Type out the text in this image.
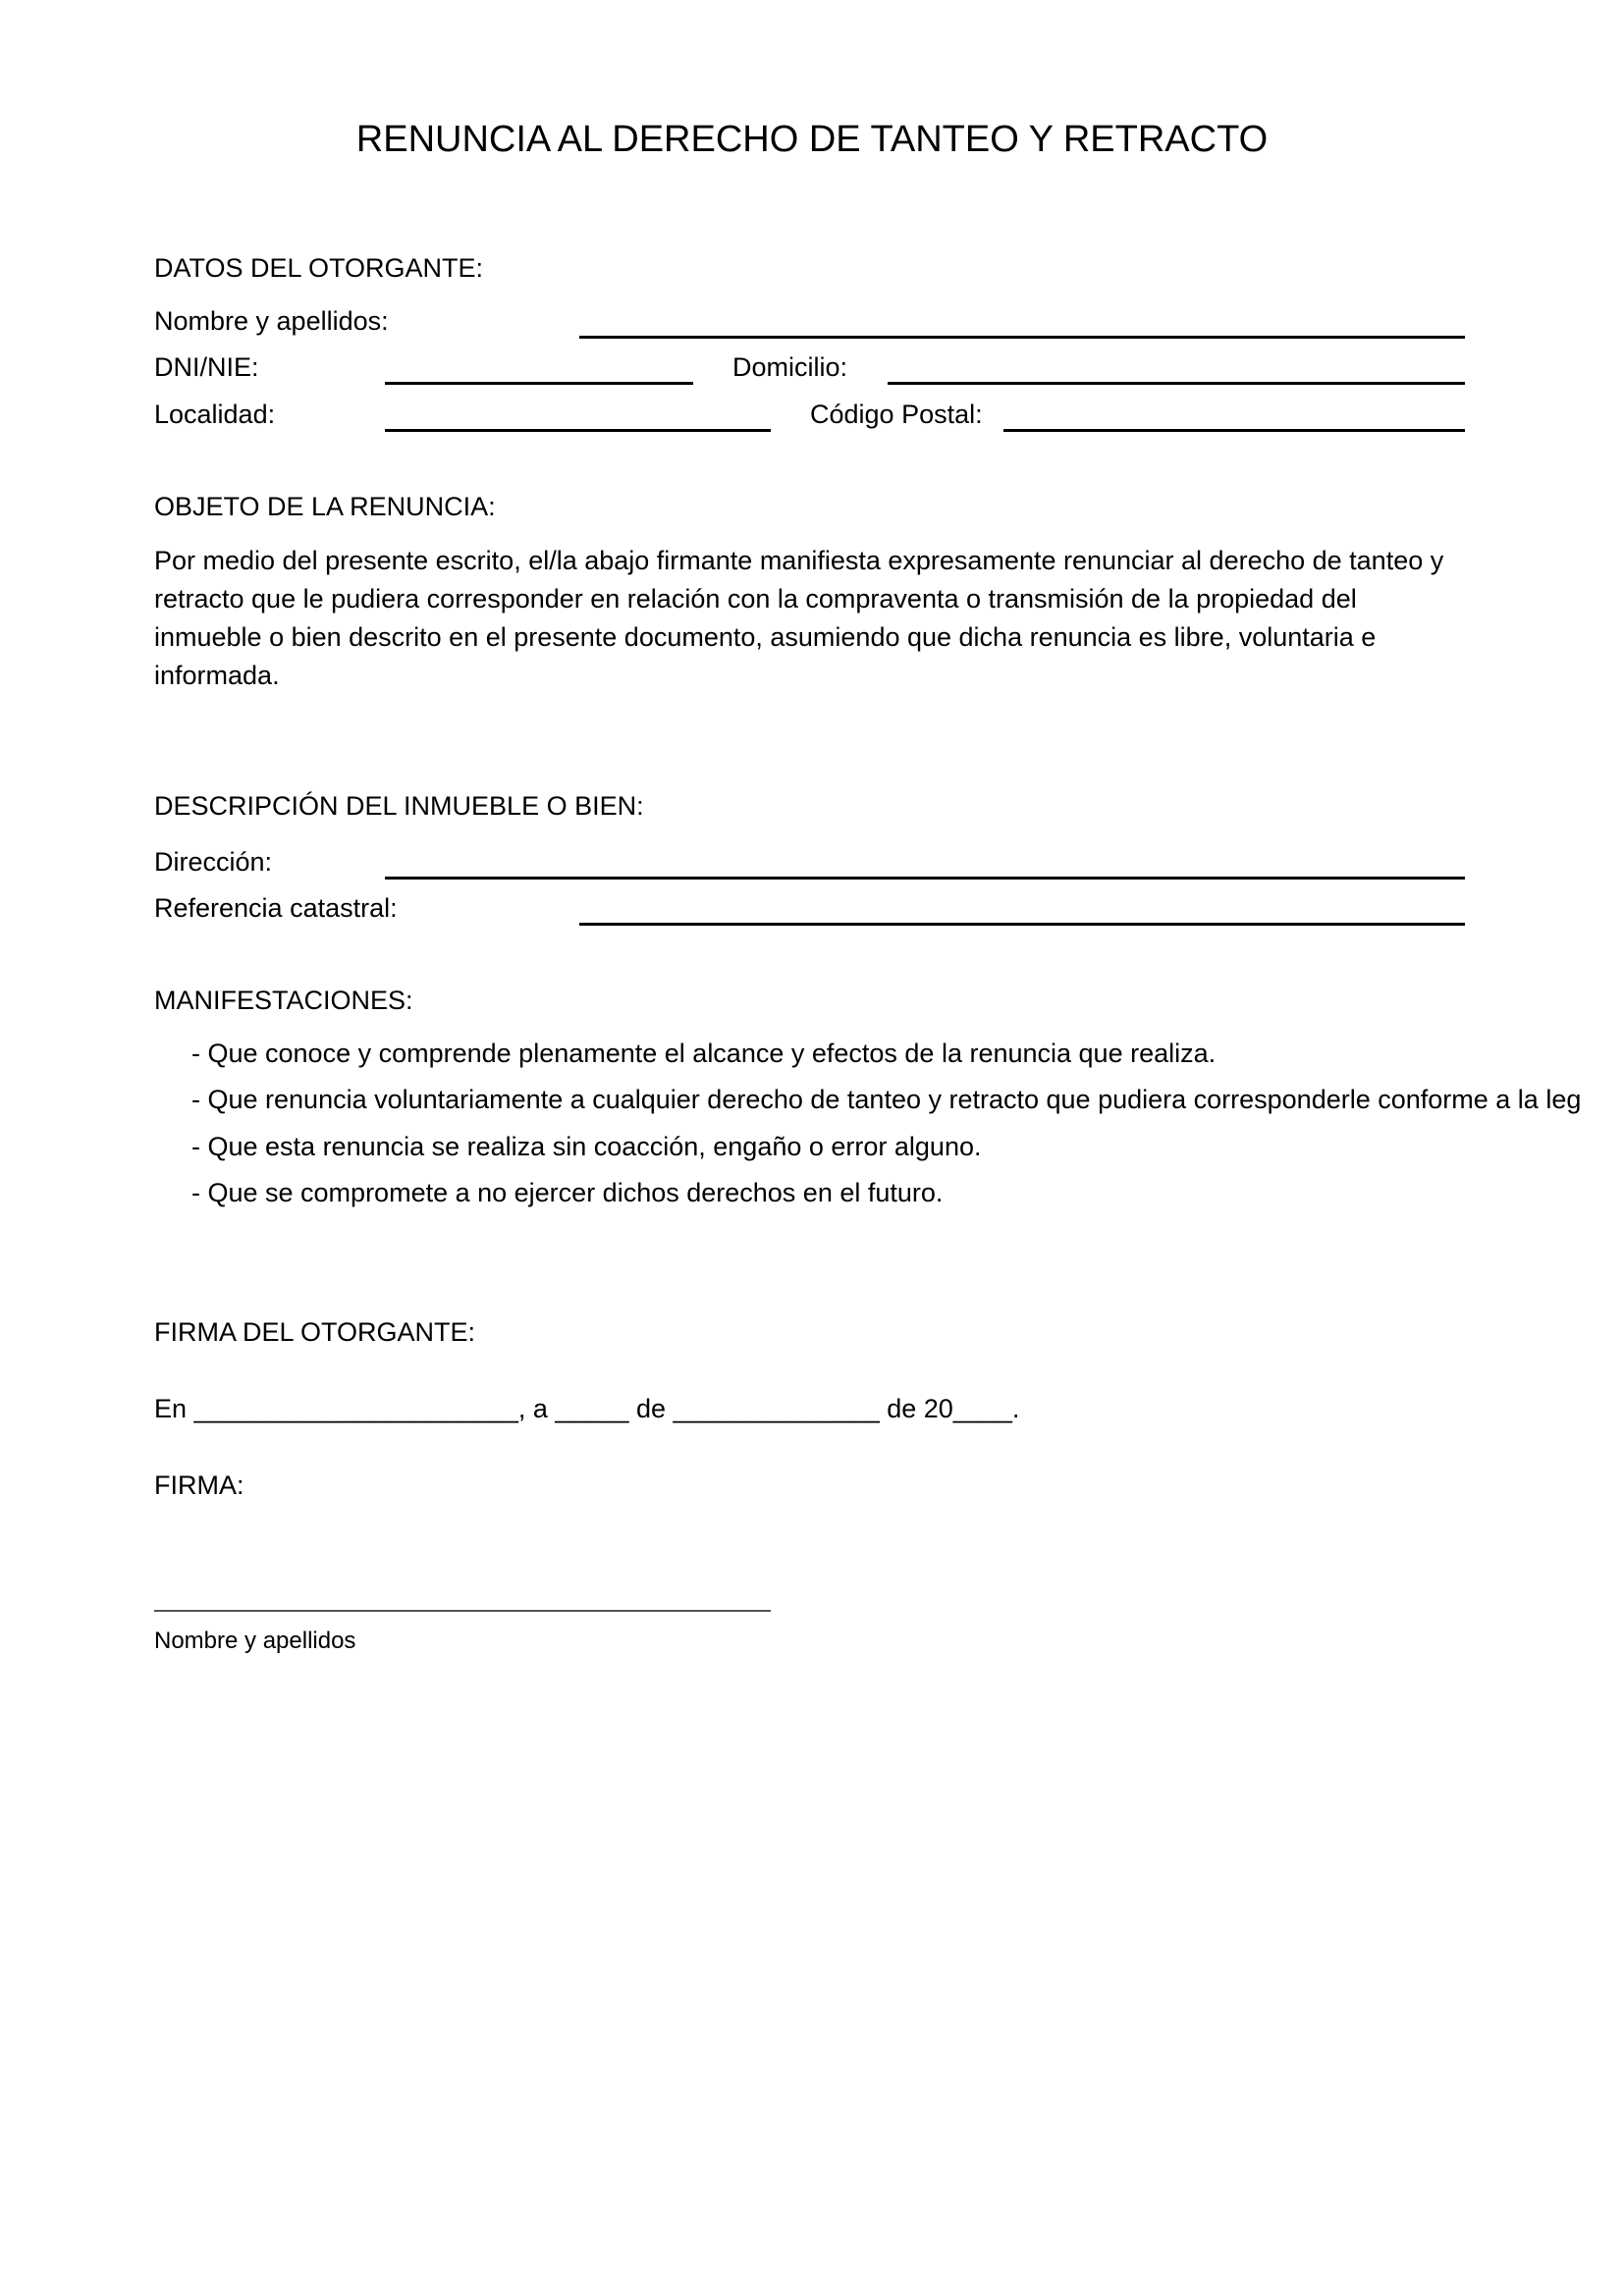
RENUNCIA AL DERECHO DE TANTEO Y RETRACTO
DATOS DEL OTORGANTE:
Nombre y apellidos:
DNI/NIE:	Domicilio:
Localidad:	Código Postal:
OBJETO DE LA RENUNCIA:
Por medio del presente escrito, el/la abajo firmante manifiesta expresamente renunciar al derecho de tanteo y retracto que le pudiera corresponder en relación con la compraventa o transmisión de la propiedad del inmueble o bien descrito en el presente documento, asumiendo que dicha renuncia es libre, voluntaria e informada.
DESCRIPCIÓN DEL INMUEBLE O BIEN:
Dirección:
Referencia catastral:
MANIFESTACIONES:
- Que conoce y comprende plenamente el alcance y efectos de la renuncia que realiza.
- Que renuncia voluntariamente a cualquier derecho de tanteo y retracto que pudiera corresponderle conforme a la leg
- Que esta renuncia se realiza sin coacción, engaño o error alguno.
- Que se compromete a no ejercer dichos derechos en el futuro.
FIRMA DEL OTORGANTE:
En ______________________, a _____ de ______________ de 20____.
FIRMA:
Nombre y apellidos
